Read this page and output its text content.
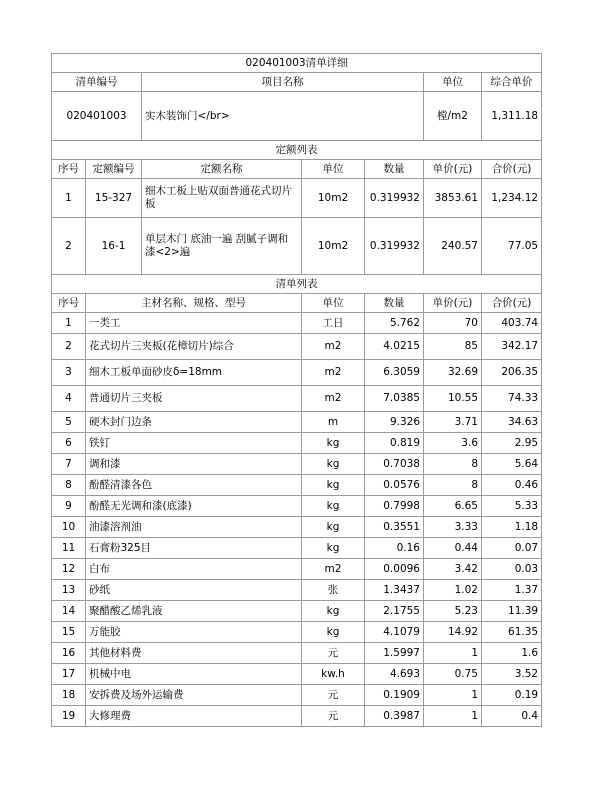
020401003清单详细						
清单编号		项目名称			单位	综合单价
020401003		实木装饰门</br>			樘/m2	1,311.18
定额列表						
序号	定额编号	定额名称	单位	数量	单价(元)	合价(元)
1	15-327	细木工板上贴双面普通花式切片板	10m2	0.319932	3853.61	1,234.12
2	16-1	单层木门 底油一遍 刮腻子调和漆<2>遍	10m2	0.319932	240.57	77.05
清单列表						
序号	主材名称、规格、型号		单位	数量	单价(元)	合价(元)
1	一类工		工日	5.762	70	403.74
2	花式切片三夹板(花樟切片)综合		m2	4.0215	85	342.17
3	细木工板单面砂皮δ=18mm		m2	6.3059	32.69	206.35
4	普通切片三夹板		m2	7.0385	10.55	74.33
5	硬木封门边条		m	9.326	3.71	34.63
6	铁钉		kg	0.819	3.6	2.95
7	调和漆		kg	0.7038	8	5.64
8	酚醛清漆各色		kg	0.0576	8	0.46
9	酚醛无光调和漆(底漆)		kg	0.7998	6.65	5.33
10	油漆溶剂油		kg	0.3551	3.33	1.18
11	石膏粉325目		kg	0.16	0.44	0.07
12	白布		m2	0.0096	3.42	0.03
13	砂纸		张	1.3437	1.02	1.37
14	聚醋酸乙烯乳液		kg	2.1755	5.23	11.39
15	万能胶		kg	4.1079	14.92	61.35
16	其他材料费		元	1.5997	1	1.6
17	机械中电		kw.h	4.693	0.75	3.52
18	安拆费及场外运输费		元	0.1909	1	0.19
19	大修理费		元	0.3987	1	0.4
